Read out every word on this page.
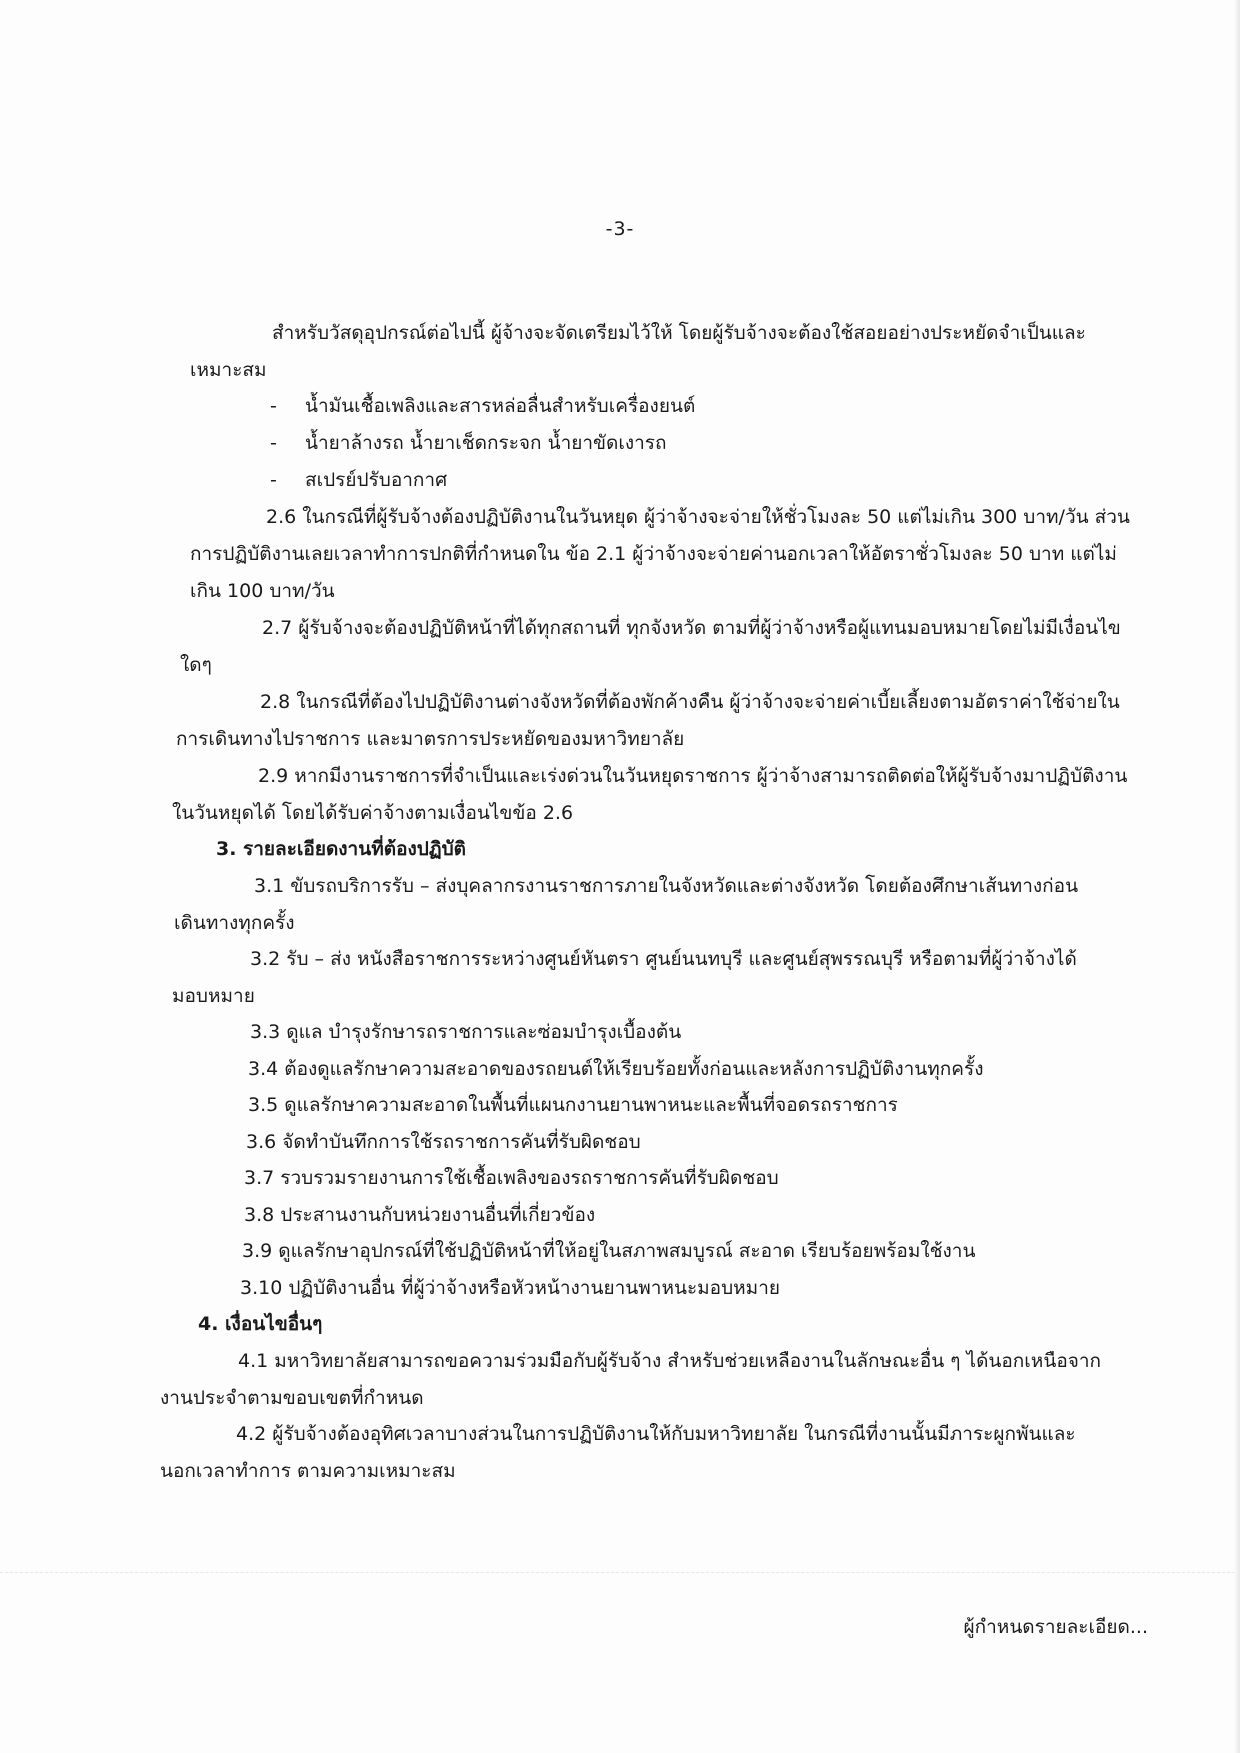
-3-
สำหรับวัสดุอุปกรณ์ต่อไปนี้ ผู้จ้างจะจัดเตรียมไว้ให้ โดยผู้รับจ้างจะต้องใช้สอยอย่างประหยัดจำเป็นและ
เหมาะสม
- น้ำมันเชื้อเพลิงและสารหล่อลื่นสำหรับเครื่องยนต์
- น้ำยาล้างรถ น้ำยาเช็ดกระจก น้ำยาขัดเงารถ
- สเปรย์ปรับอากาศ
2.6 ในกรณีที่ผู้รับจ้างต้องปฏิบัติงานในวันหยุด ผู้ว่าจ้างจะจ่ายให้ชั่วโมงละ 50 แต่ไม่เกิน 300 บาท/วัน ส่วน
การปฏิบัติงานเลยเวลาทำการปกติที่กำหนดใน ข้อ 2.1 ผู้ว่าจ้างจะจ่ายค่านอกเวลาให้อัตราชั่วโมงละ 50 บาท แต่ไม่
เกิน 100 บาท/วัน
2.7 ผู้รับจ้างจะต้องปฏิบัติหน้าที่ได้ทุกสถานที่ ทุกจังหวัด ตามที่ผู้ว่าจ้างหรือผู้แทนมอบหมายโดยไม่มีเงื่อนไข
ใดๆ
2.8 ในกรณีที่ต้องไปปฏิบัติงานต่างจังหวัดที่ต้องพักค้างคืน ผู้ว่าจ้างจะจ่ายค่าเบี้ยเลี้ยงตามอัตราค่าใช้จ่ายใน
การเดินทางไปราชการ และมาตรการประหยัดของมหาวิทยาลัย
2.9 หากมีงานราชการที่จำเป็นและเร่งด่วนในวันหยุดราชการ ผู้ว่าจ้างสามารถติดต่อให้ผู้รับจ้างมาปฏิบัติงาน
ในวันหยุดได้ โดยได้รับค่าจ้างตามเงื่อนไขข้อ 2.6
3. รายละเอียดงานที่ต้องปฏิบัติ
3.1 ขับรถบริการรับ – ส่งบุคลากรงานราชการภายในจังหวัดและต่างจังหวัด โดยต้องศึกษาเส้นทางก่อน
เดินทางทุกครั้ง
3.2 รับ – ส่ง หนังสือราชการระหว่างศูนย์หันตรา ศูนย์นนทบุรี และศูนย์สุพรรณบุรี หรือตามที่ผู้ว่าจ้างได้
มอบหมาย
3.3 ดูแล บำรุงรักษารถราชการและซ่อมบำรุงเบื้องต้น
3.4 ต้องดูแลรักษาความสะอาดของรถยนต์ให้เรียบร้อยทั้งก่อนและหลังการปฏิบัติงานทุกครั้ง
3.5 ดูแลรักษาความสะอาดในพื้นที่แผนกงานยานพาหนะและพื้นที่จอดรถราชการ
3.6 จัดทำบันทึกการใช้รถราชการคันที่รับผิดชอบ
3.7 รวบรวมรายงานการใช้เชื้อเพลิงของรถราชการคันที่รับผิดชอบ
3.8 ประสานงานกับหน่วยงานอื่นที่เกี่ยวข้อง
3.9 ดูแลรักษาอุปกรณ์ที่ใช้ปฏิบัติหน้าที่ให้อยู่ในสภาพสมบูรณ์ สะอาด เรียบร้อยพร้อมใช้งาน
3.10 ปฏิบัติงานอื่น ที่ผู้ว่าจ้างหรือหัวหน้างานยานพาหนะมอบหมาย
4. เงื่อนไขอื่นๆ
4.1 มหาวิทยาลัยสามารถขอความร่วมมือกับผู้รับจ้าง สำหรับช่วยเหลืองานในลักษณะอื่น ๆ ได้นอกเหนือจาก
งานประจำตามขอบเขตที่กำหนด
4.2 ผู้รับจ้างต้องอุทิศเวลาบางส่วนในการปฏิบัติงานให้กับมหาวิทยาลัย ในกรณีที่งานนั้นมีภาระผูกพันและ
นอกเวลาทำการ ตามความเหมาะสม
ผู้กำหนดรายละเอียด...
